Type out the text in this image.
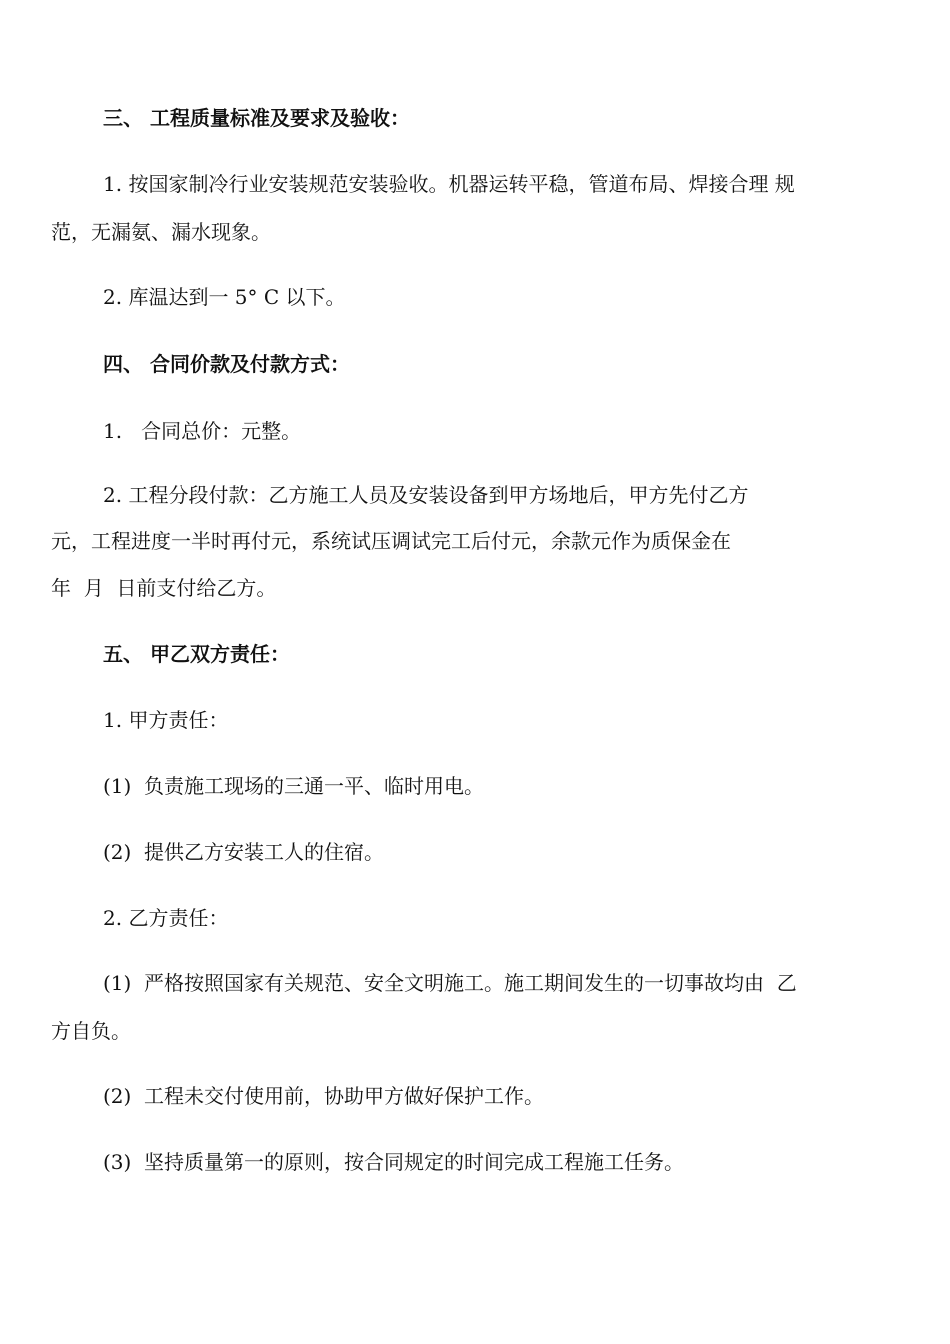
三、 工程质量标准及要求及验收：
1. 按国家制冷行业安装规范安装验收。机器运转平稳，管道布局、焊接合理 规
范，无漏氨、漏水现象。
2. 库温达到一 5° C 以下。
四、 合同价款及付款方式：
1.   合同总价：元整。
2. 工程分段付款：乙方施工人员及安装设备到甲方场地后，甲方先付乙方
元，工程进度一半时再付元，系统试压调试完工后付元，余款元作为质保金在
年  月  日前支付给乙方。
五、 甲乙双方责任：
1. 甲方责任：
(1)  负责施工现场的三通一平、临时用电。
(2)  提供乙方安装工人的住宿。
2. 乙方责任：
(1)  严格按照国家有关规范、安全文明施工。施工期间发生的一切事故均由  乙
方自负。
(2)  工程未交付使用前，协助甲方做好保护工作。
(3)  坚持质量第一的原则，按合同规定的时间完成工程施工任务。
